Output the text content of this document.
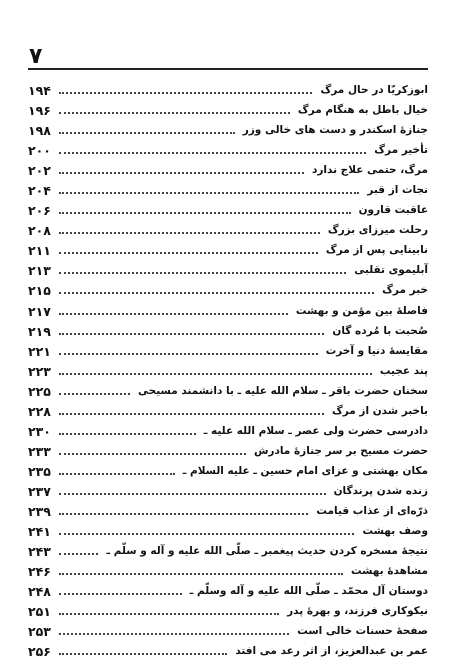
۷
ابوزکریّا در حال مرگ
۱۹۴
خیال باطل به هنگام مرگ
۱۹۶
جنازهٔ اسکندر و دست های خالی وزر
۱۹۸
تأخیر مرگ
۲۰۰
مرگ، حتمی علاج ندارد
۲۰۲
نجات از قبر
۲۰۴
عاقبت قارون
۲۰۶
رحلت میرزای بزرگ
۲۰۸
نابینایی پس از مرگ
۲۱۱
آبلیموی تقلبی
۲۱۳
خبر مرگ
۲۱۵
فاصلهٔ بین مؤمن و بهشت
۲۱۷
صُحبت با مُرده گان
۲۱۹
مقایسهٔ دنیا و آخرت
۲۲۱
پند عجیب
۲۲۳
سخنان حضرت باقر ـ سلام الله علیه ـ با دانشمند مسیحی
۲۲۵
باخبر شدن از مرگ
۲۲۸
دادرسی حضرت ولی عصر ـ سلام الله علیه ـ
۲۳۰
حضرت مسیح بر سر جنازهٔ مادرش
۲۳۳
مکان بهشتی و عزای امام حسین ـ علیه السلام ـ
۲۳۵
زنده شدن پرندگان
۲۳۷
ذرّه‌ای از عذاب قیامت
۲۳۹
وصف بهشت
۲۴۱
نتیجهٔ مسخره کردن حدیث پیغمبر ـ صلّی الله علیه و آله و سلّم ـ
۲۴۳
مشاهدهٔ بهشت
۲۴۶
دوستان آل محمّد ـ صلّی الله علیه و آله وسلّم ـ
۲۴۸
نیکوکاری فرزند، و بهرهٔ پدر
۲۵۱
صفحهٔ حسنات خالی است
۲۵۳
عمر بن عبدالعزیز، از اثر رعد می افتد
۲۵۶
